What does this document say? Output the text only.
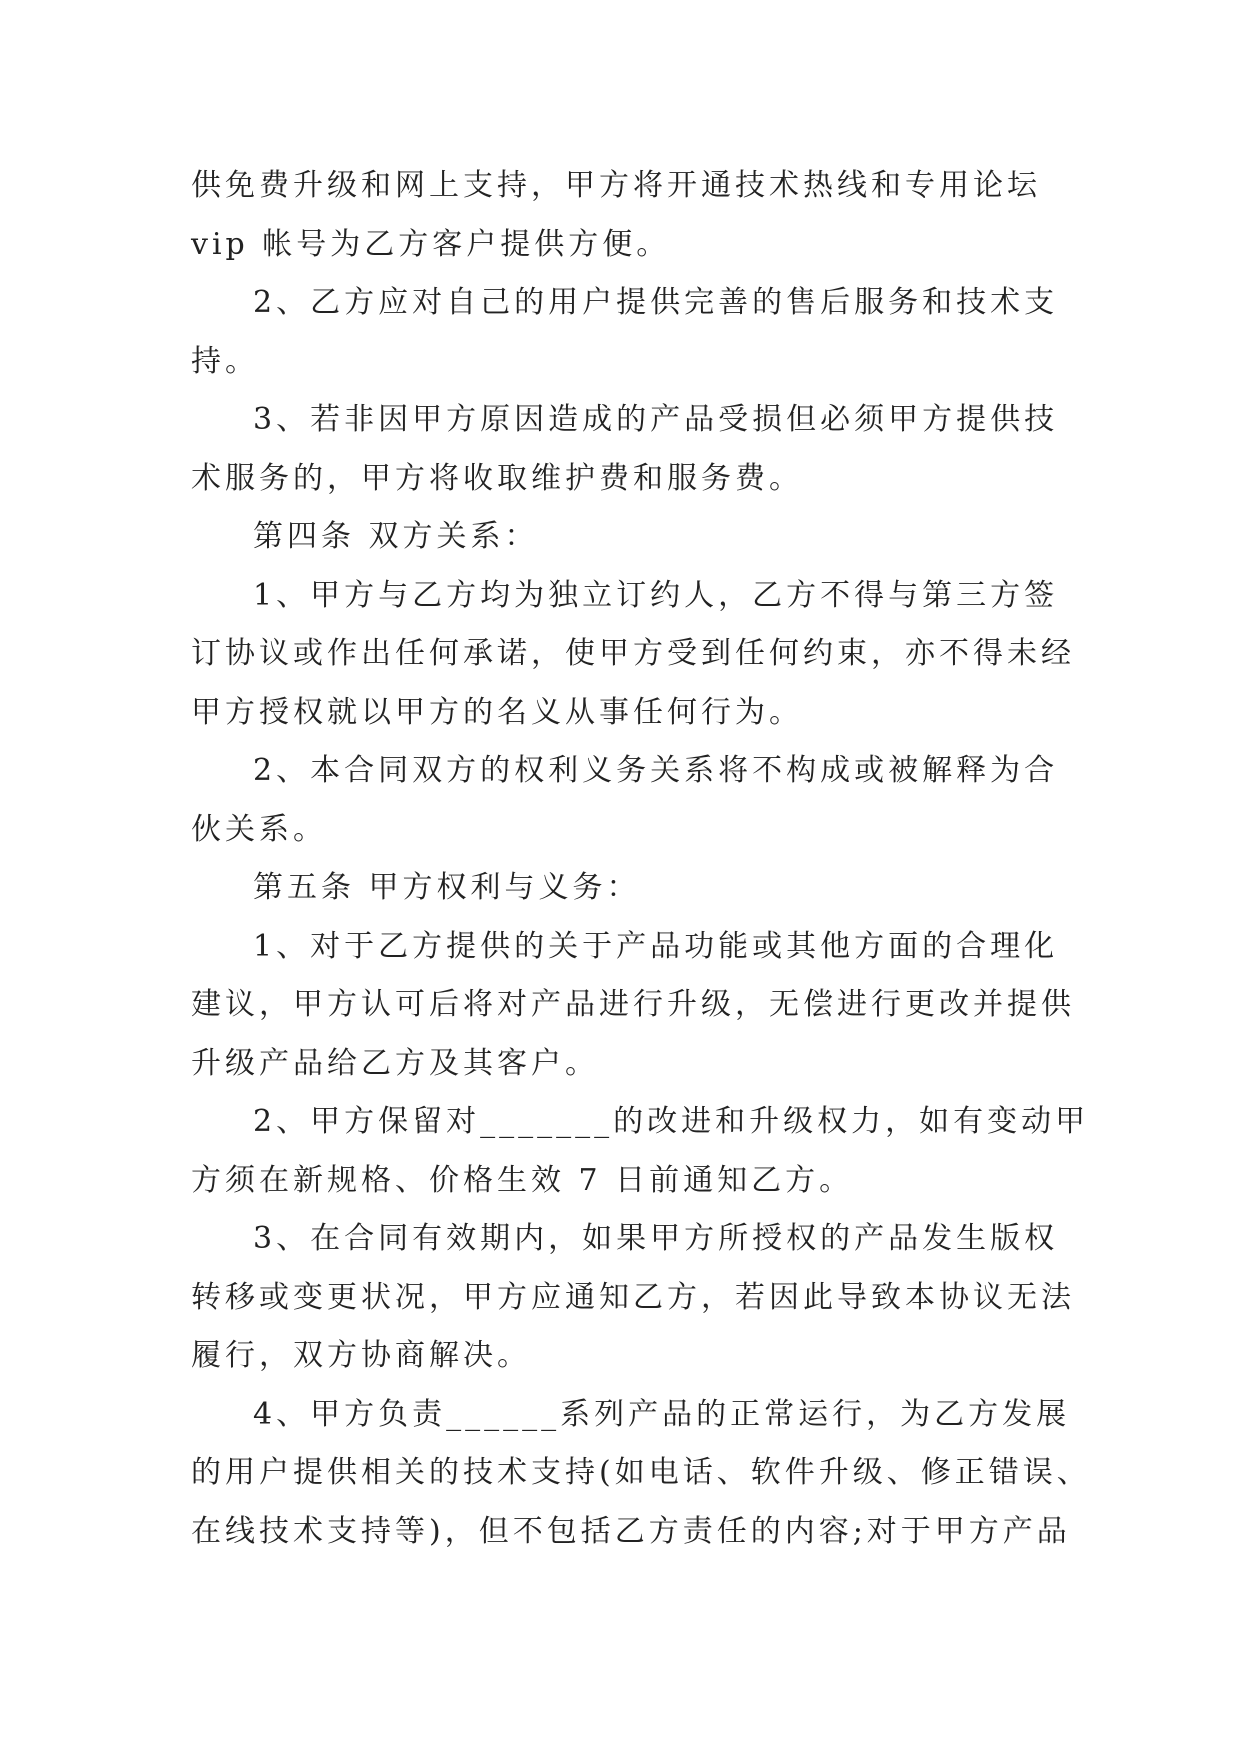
供免费升级和网上支持，甲方将开通技术热线和专用论坛
vip 帐号为乙方客户提供方便。
2、乙方应对自己的用户提供完善的售后服务和技术支
持。
3、若非因甲方原因造成的产品受损但必须甲方提供技
术服务的，甲方将收取维护费和服务费。
第四条 双方关系：
1、甲方与乙方均为独立订约人，乙方不得与第三方签
订协议或作出任何承诺，使甲方受到任何约束，亦不得未经
甲方授权就以甲方的名义从事任何行为。
2、本合同双方的权利义务关系将不构成或被解释为合
伙关系。
第五条 甲方权利与义务：
1、对于乙方提供的关于产品功能或其他方面的合理化
建议，甲方认可后将对产品进行升级，无偿进行更改并提供
升级产品给乙方及其客户。
2、甲方保留对_______的改进和升级权力，如有变动甲
方须在新规格、价格生效 7 日前通知乙方。
3、在合同有效期内，如果甲方所授权的产品发生版权
转移或变更状况，甲方应通知乙方，若因此导致本协议无法
履行，双方协商解决。
4、甲方负责______系列产品的正常运行，为乙方发展
的用户提供相关的技术支持(如电话、软件升级、修正错误、
在线技术支持等)，但不包括乙方责任的内容;对于甲方产品
